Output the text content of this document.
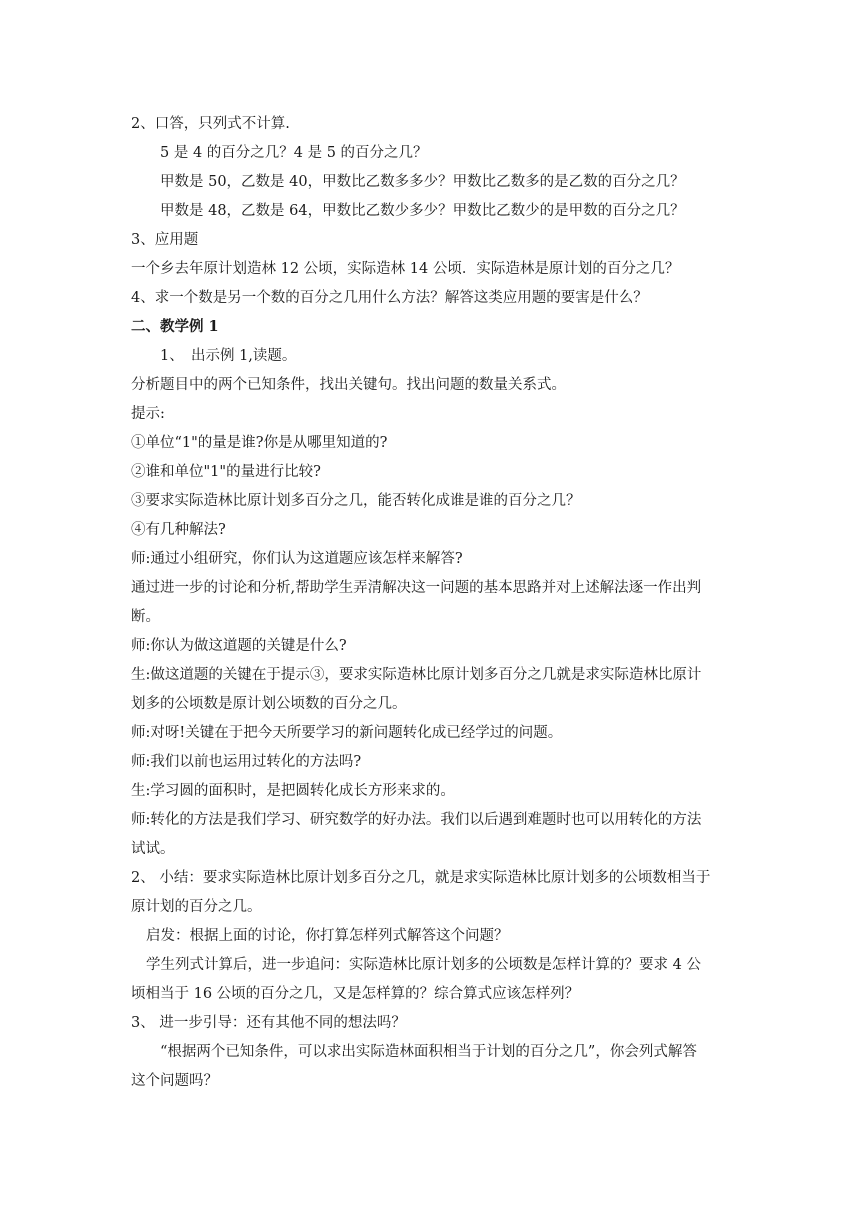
2、口答，只列式不计算.
5 是 4 的百分之几？4 是 5 的百分之几？
甲数是 50，乙数是 40，甲数比乙数多多少？甲数比乙数多的是乙数的百分之几？
甲数是 48，乙数是 64，甲数比乙数少多少？甲数比乙数少的是甲数的百分之几？
3、应用题
一个乡去年原计划造林 12 公顷，实际造林 14 公顷．实际造林是原计划的百分之几？
4、求一个数是另一个数的百分之几用什么方法？解答这类应用题的要害是什么？
二、教学例 1
1、　出示例 1,读题。
分析题目中的两个已知条件，找出关键句。找出问题的数量关系式。
提示:
①单位“1"的量是谁?你是从哪里知道的?
②谁和单位"1"的量进行比较?
③要求实际造林比原计划多百分之几，能否转化成谁是谁的百分之几？
④有几种解法?
师:通过小组研究，你们认为这道题应该怎样来解答?
通过进一步的讨论和分析,帮助学生弄清解决这一问题的基本思路并对上述解法逐一作出判
断。
师:你认为做这道题的关键是什么?
生:做这道题的关键在于提示③，要求实际造林比原计划多百分之几就是求实际造林比原计
划多的公顷数是原计划公顷数的百分之几。
师:对呀!关键在于把今天所要学习的新问题转化成已经学过的问题。
师:我们以前也运用过转化的方法吗?
生:学习圆的面积时，是把圆转化成长方形来求的。
师:转化的方法是我们学习、研究数学的好办法。我们以后遇到难题时也可以用转化的方法
试试。
2、 小结：要求实际造林比原计划多百分之几，就是求实际造林比原计划多的公顷数相当于
原计划的百分之几。
启发：根据上面的讨论，你打算怎样列式解答这个问题？
学生列式计算后，进一步追问：实际造林比原计划多的公顷数是怎样计算的？要求 4 公
顷相当于 16 公顷的百分之几，又是怎样算的？综合算式应该怎样列？
3、 进一步引导：还有其他不同的想法吗？
“根据两个已知条件，可以求出实际造林面积相当于计划的百分之几”，你会列式解答
这个问题吗？
